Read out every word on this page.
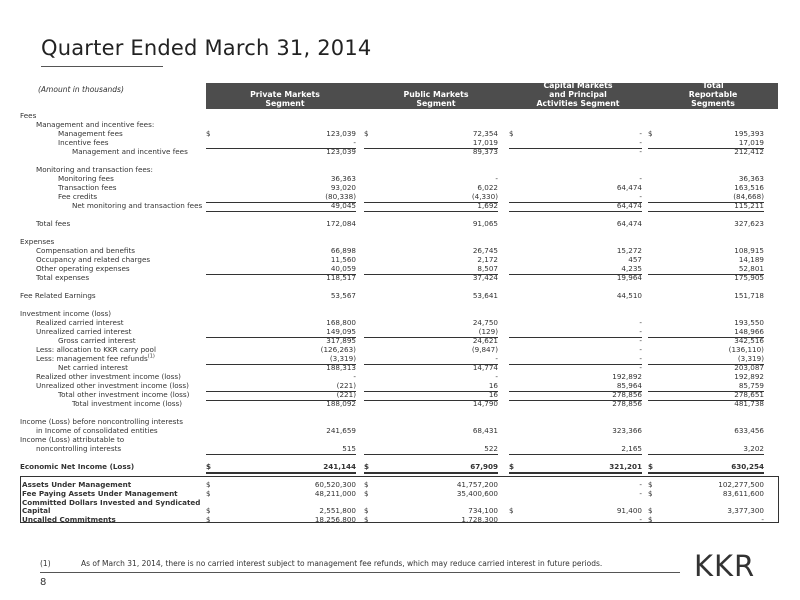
Quarter Ended March 31, 2014
(Amount in thousands)

Private Markets
Segment

Public Markets
Segment
Capital Markets
and Principal
Activities Segment
Total
Reportable
Segments
Fees
Management and incentive fees:
Management fees	$	123,039 $	72,354 $	- $	195,393
Incentive fees	-	17,019	-	17,019
Management and incentive fees	123,039	89,373	-	212,412
Monitoring and transaction fees:
Monitoring fees	36,363	-	-	36,363
Transaction fees	93,020	6,022	64,474	163,516
Fee credits	(80,338)	(4,330)	-	(84,668)
Net monitoring and transaction fees	49,045	1,692	64,474	115,211
Total fees	172,084	91,065	64,474	327,623
Expenses
Compensation and benefits	66,898	26,745	15,272	108,915
Occupancy and related charges	11,560	2,172	457	14,189
Other operating expenses	40,059	8,507	4,235	52,801
Total expenses	118,517	37,424	19,964	175,905
Fee Related Earnings	53,567	53,641	44,510	151,718
Investment income (loss)
Realized carried interest	168,800	24,750	-	193,550
Unrealized carried interest	149,095	(129)	-	148,966
Gross carried interest	317,895	24,621	-	342,516
Less: allocation to KKR carry pool	(126,263)	(9,847)	-	(136,110)
Less: management fee refunds$^{(1)}$	(3,319)	-	-	(3,319)
Net carried interest	188,313	14,774	-	203,087
Realized other investment income (loss)	-	-	192,892	192,892
Unrealized other investment income (loss)	(221)	16	85,964	85,759
Total other investment income (loss)	(221)	16	278,856	278,651
Total investment income (loss)	188,092	14,790	278,856	481,738
Income (Loss) before noncontrolling interests
in Income of consolidated entities	241,659	68,431	323,366	633,456
Income (Loss) attributable to
noncontrolling interests	515	522	2,165	3,202
Economic Net Income (Loss)	$	241,144 $	67,909 $	321,201 $	630,254
Assets Under Management	$	60,520,300 $	41,757,200	- $	102,277,500
Fee Paying Assets Under Management	$	48,211,000 $	35,400,600	- $	83,611,600
Committed Dollars Invested and Syndicated
Capital	$	2,551,800 $	734,100 $	91,400 $	3,377,300
Uncalled Commitments	$	18,256,800 $	1,728,300	- $	-
(1)	As of March 31, 2014, there is no carried interest subject to management fee refunds, which may reduce carried interest in future periods.
8	KKR
